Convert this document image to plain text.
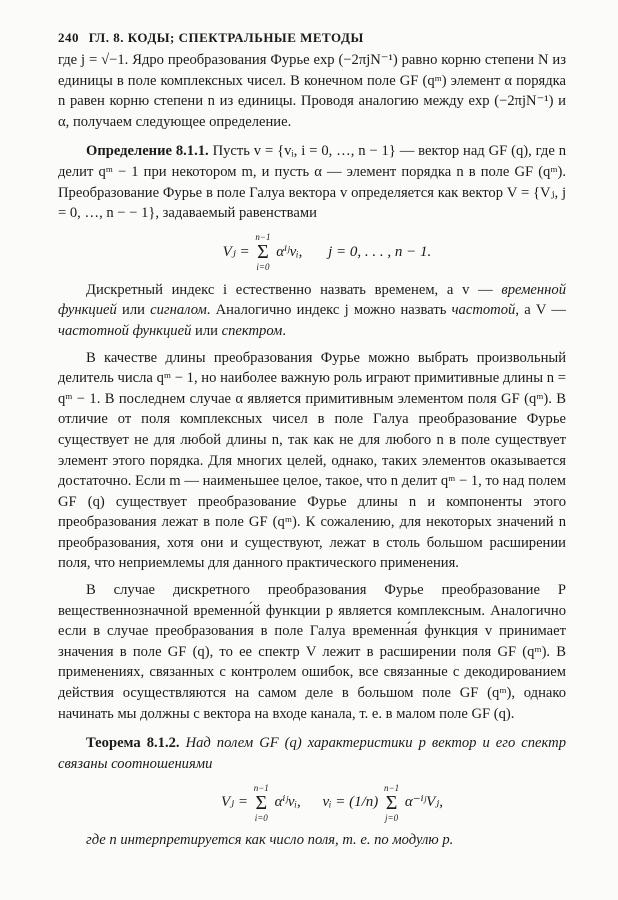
240 ГЛ. 8. КОДЫ; СПЕКТРАЛЬНЫЕ МЕТОДЫ

где j = √−1. Ядро преобразования Фурье exp (−2πjN⁻¹) равно корню степени N из единицы в поле комплексных чисел. В конечном поле GF (qᵐ) элемент α порядка n равен корню степени n из единицы. Проводя аналогию между exp (−2πjN⁻¹) и α, получаем следующее определение.

Определение 8.1.1. Пусть v = {vᵢ, i = 0, …, n − 1} — вектор над GF (q), где n делит qᵐ − 1 при некотором m, и пусть α — элемент порядка n в поле GF (qᵐ). Преобразование Фурье в поле Галуа вектора v определяется как вектор V = {Vⱼ, j = 0, …, n − − 1}, задаваемый равенствами

Vⱼ =
n−1
Σ
i=0
αⁱʲvᵢ, j = 0, . . . , n − 1.

Дискретный индекс i естественно назвать временем, а v — временной функцией или сигналом. Аналогично индекс j можно назвать частотой, а V — частотной функцией или спектром.

В качестве длины преобразования Фурье можно выбрать произвольный делитель числа qᵐ − 1, но наиболее важную роль играют примитивные длины n = qᵐ − 1. В последнем случае α является примитивным элементом поля GF (qᵐ). В отличие от поля комплексных чисел в поле Галуа преобразование Фурье существует не для любой длины n, так как не для любого n в поле существует элемент этого порядка. Для многих целей, однако, таких элементов оказывается достаточно. Если m — наименьшее целое, такое, что n делит qᵐ − 1, то над полем GF (q) существует преобразование Фурье длины n и компоненты этого преобразования лежат в поле GF (qᵐ). К сожалению, для некоторых значений n преобразования, хотя они и существуют, лежат в столь большом расширении поля, что неприемлемы для данного практического применения.

В случае дискретного преобразования Фурье преобразование P вещественнозначной временно́й функции p является комплексным. Аналогично если в случае преобразования в поле Галуа временна́я функция v принимает значения в поле GF (q), то ее спектр V лежит в расширении поля GF (qᵐ). В применениях, связанных с контролем ошибок, все связанные с декодированием действия осуществляются на самом деле в большом поле GF (qᵐ), однако начинать мы должны с вектора на входе канала, т. е. в малом поле GF (q).

Теорема 8.1.2. Над полем GF (q) характеристики p вектор и его спектр связаны соотношениями

Vⱼ =
n−1
Σ
i=0
αⁱʲvᵢ, vᵢ = (1/n)
n−1
Σ
j=0
α⁻ⁱʲVⱼ,

где n интерпретируется как число поля, т. е. по модулю p.
